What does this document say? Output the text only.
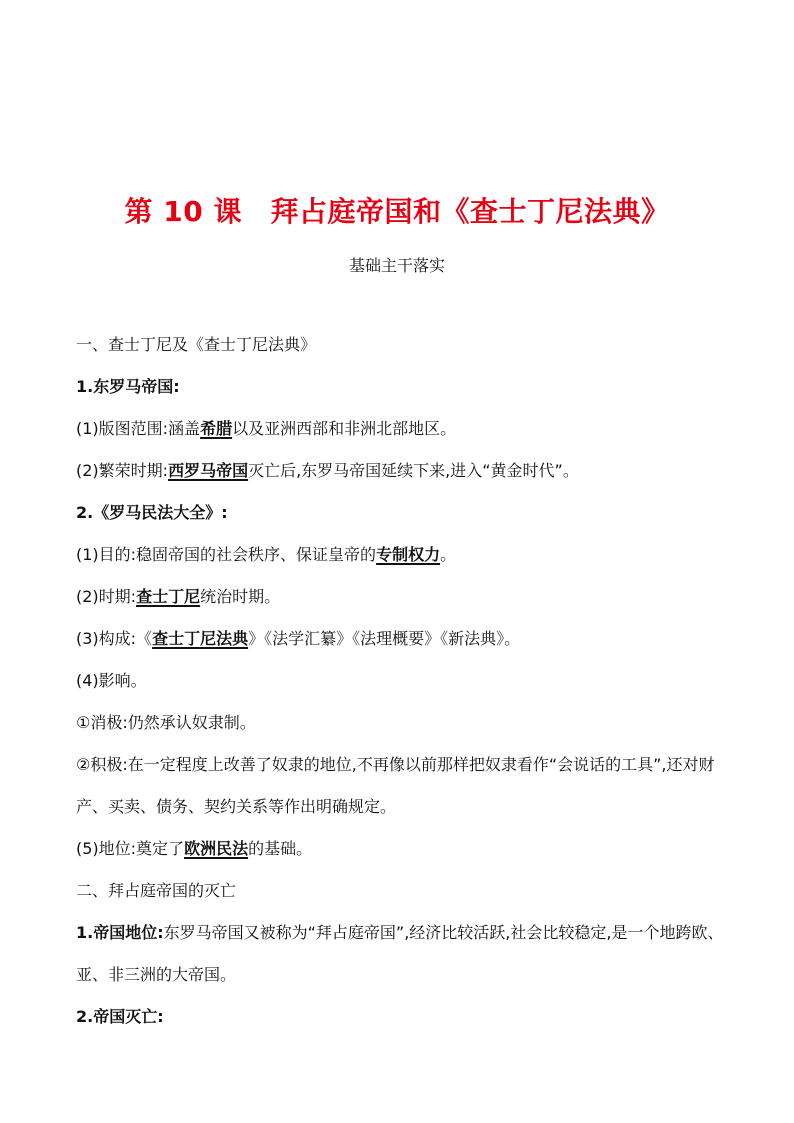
第 10 课　拜占庭帝国和《查士丁尼法典》
基础主干落实

一、查士丁尼及《查士丁尼法典》

1.东罗马帝国:

(1)版图范围:涵盖希腊以及亚洲西部和非洲北部地区。

(2)繁荣时期:西罗马帝国灭亡后,东罗马帝国延续下来,进入“黄金时代”。

2.《罗马民法大全》:

(1)目的:稳固帝国的社会秩序、保证皇帝的专制权力。

(2)时期:查士丁尼统治时期。

(3)构成:《查士丁尼法典》《法学汇纂》《法理概要》《新法典》。

(4)影响。

①消极:仍然承认奴隶制。

②积极:在一定程度上改善了奴隶的地位,不再像以前那样把奴隶看作“会说话的工具”,还对财产、买卖、债务、契约关系等作出明确规定。

(5)地位:奠定了欧洲民法的基础。

二、拜占庭帝国的灭亡

1.帝国地位:东罗马帝国又被称为“拜占庭帝国”,经济比较活跃,社会比较稳定,是一个地跨欧、亚、非三洲的大帝国。

2.帝国灭亡:
